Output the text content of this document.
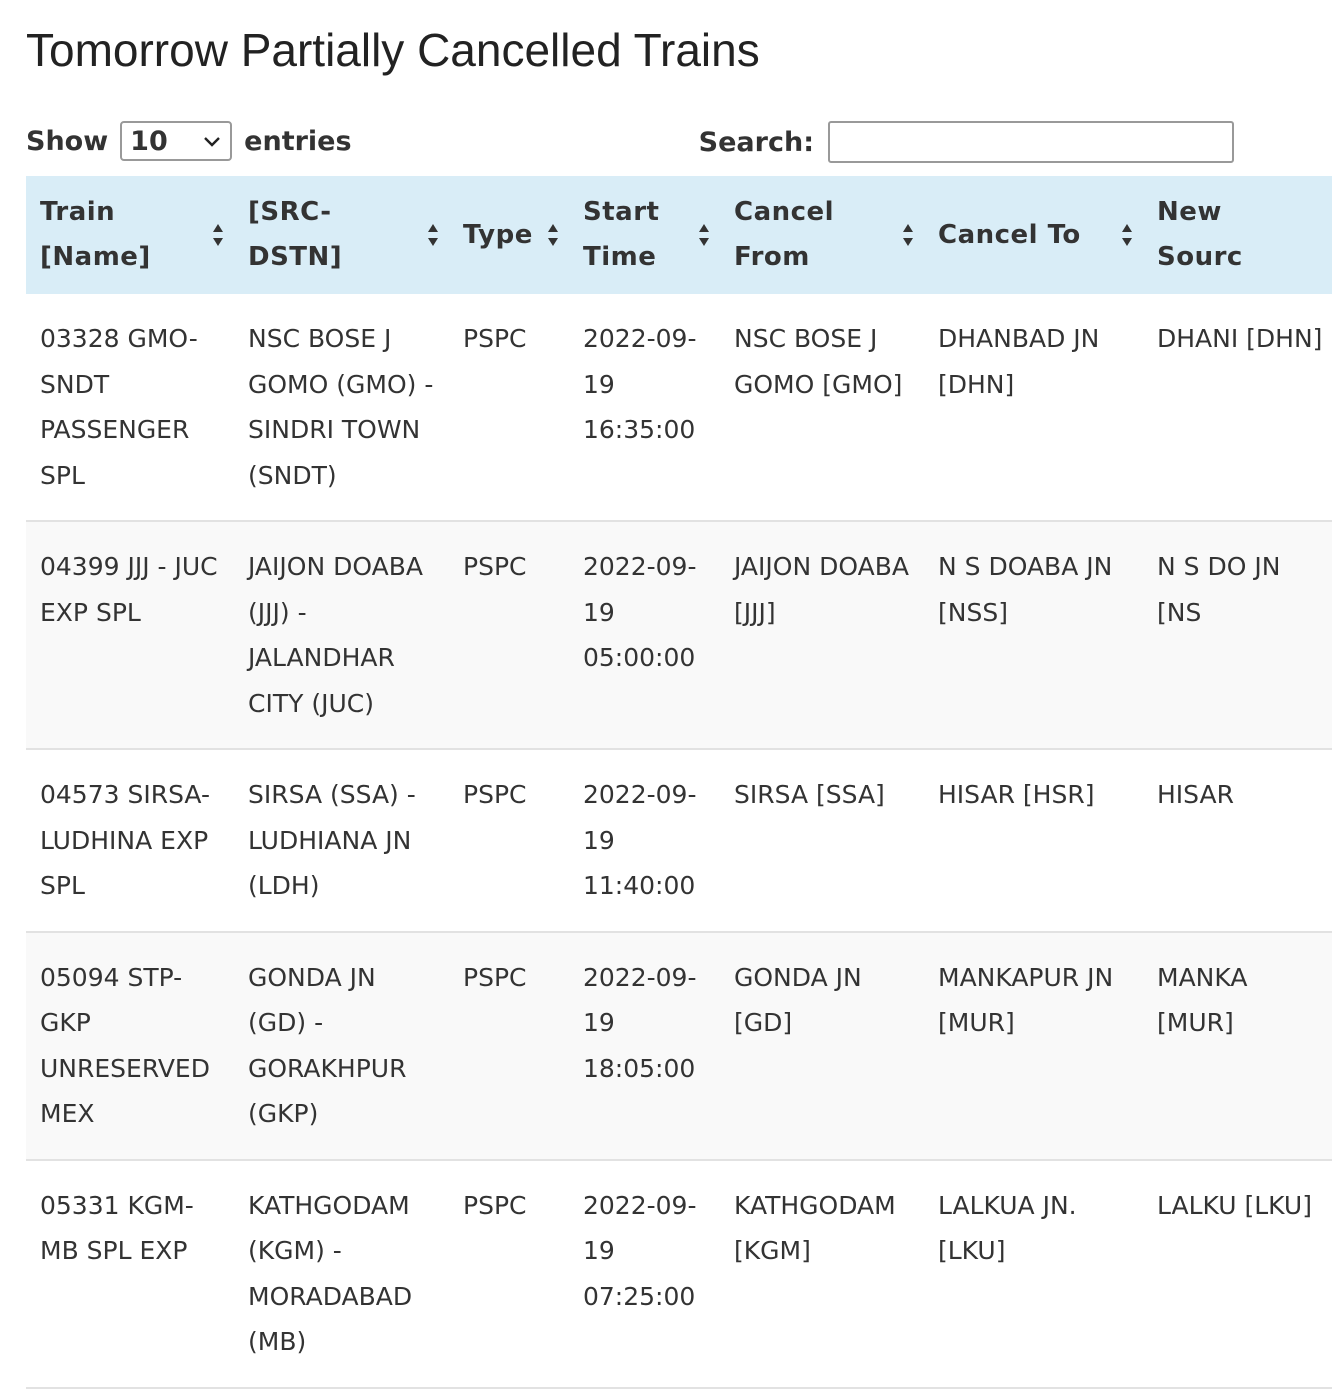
Tomorrow Partially Cancelled Trains
Show 10	entries	Search:
Train [Name]	[SRC- DSTN]	Type	Start Time	Cancel From	Cancel To	New Sourc
03328 GMO-SNDT PASSENGER SPL	NSC BOSE J GOMO (GMO) - SINDRI TOWN (SNDT)	PSPC	2022-09-19 16:35:00	NSC BOSE J GOMO [GMO]	DHANBAD JN [DHN]	DHANI [DHN]
04399 JJJ - JUC EXP SPL	JAIJON DOABA (JJJ) - JALANDHAR CITY (JUC)	PSPC	2022-09-19 05:00:00	JAIJON DOABA [JJJ]	N S DOABA JN [NSS]	N S DO JN [NS
04573 SIRSA-LUDHINA EXP SPL	SIRSA (SSA) - LUDHIANA JN (LDH)	PSPC	2022-09-19 11:40:00	SIRSA [SSA]	HISAR [HSR]	HISAR
05094 STP-GKP UNRESERVED MEX	GONDA JN (GD) - GORAKHPUR (GKP)	PSPC	2022-09-19 18:05:00	GONDA JN [GD]	MANKAPUR JN [MUR]	MANKA [MUR]
05331 KGM-MB SPL EXP	KATHGODAM (KGM) - MORADABAD (MB)	PSPC	2022-09-19 07:25:00	KATHGODAM [KGM]	LALKUA JN. [LKU]	LALKU [LKU]
